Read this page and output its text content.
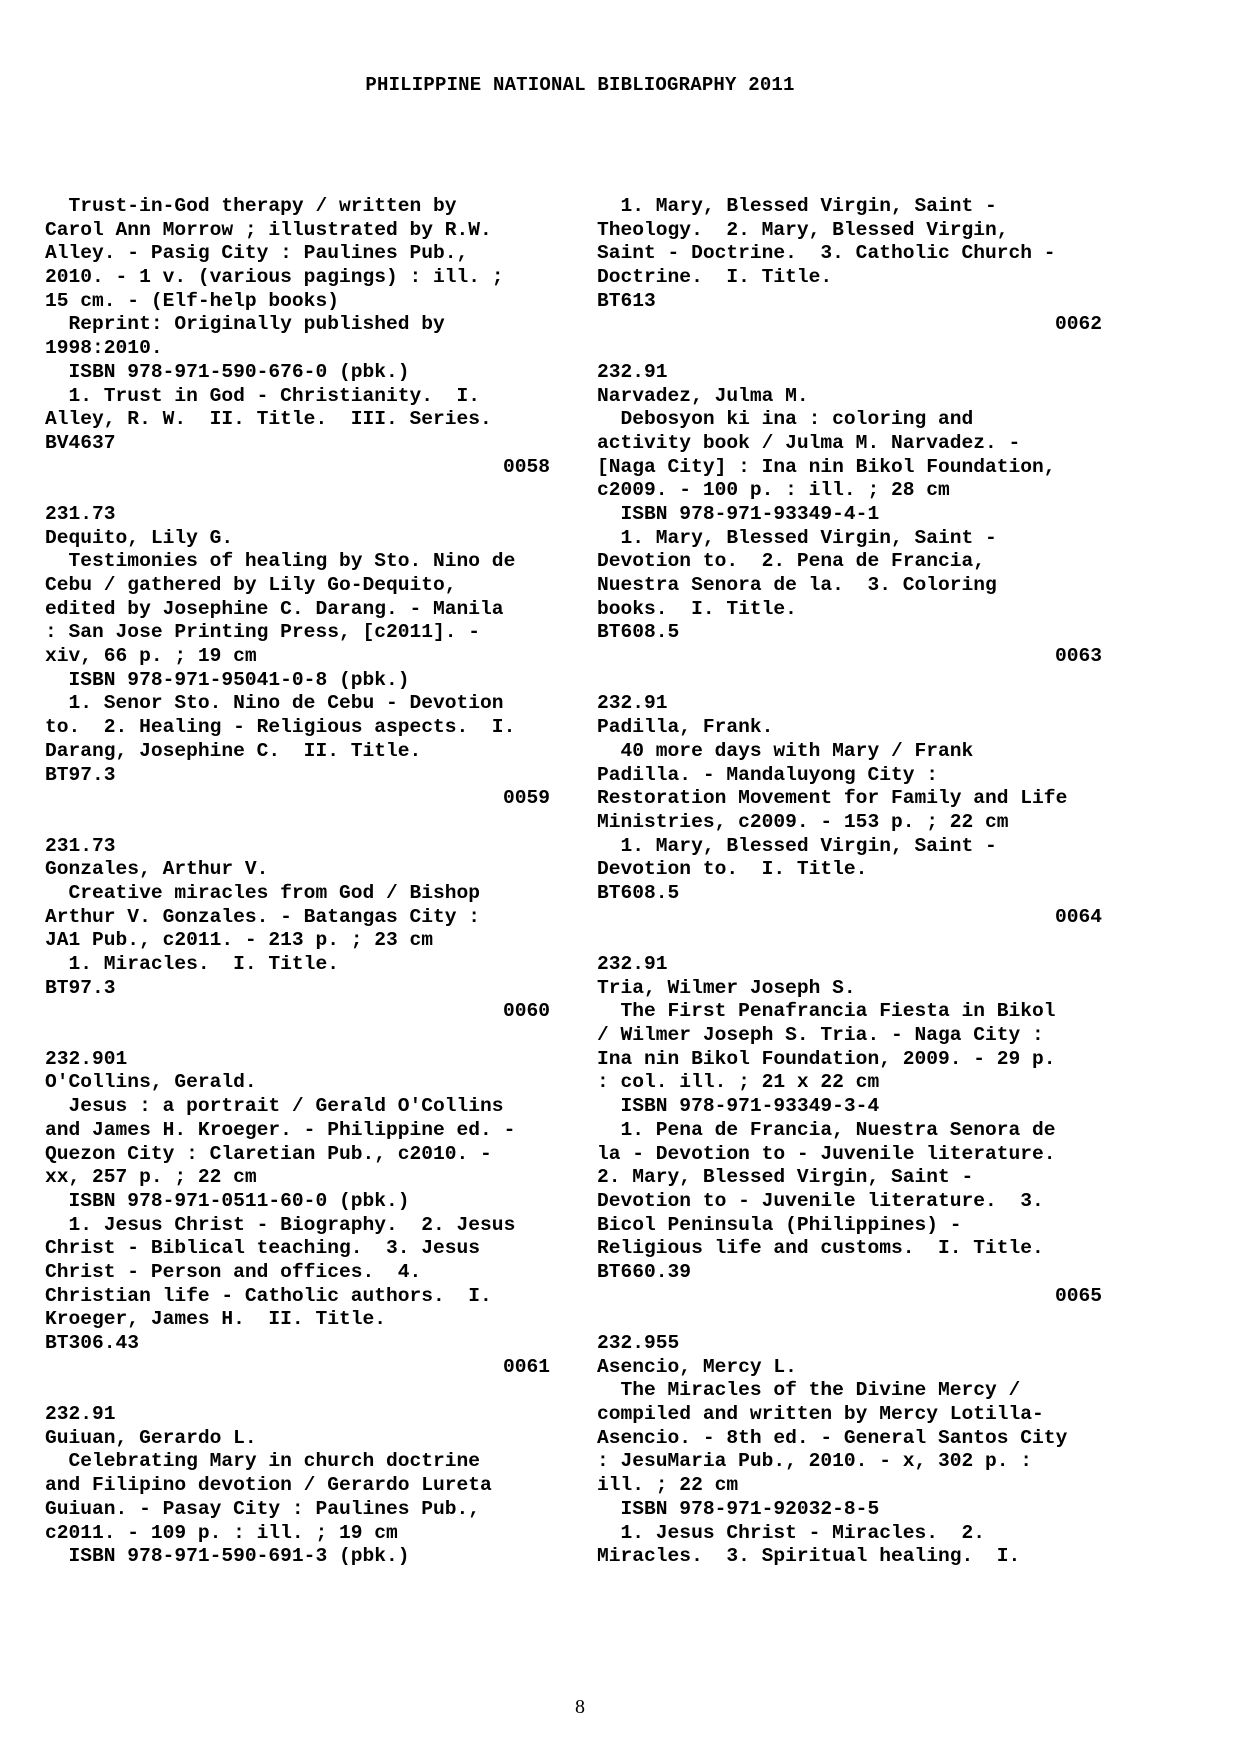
PHILIPPINE NATIONAL BIBLIOGRAPHY 2011
Trust-in-God therapy / written by
Carol Ann Morrow ; illustrated by R.W.
Alley. - Pasig City : Paulines Pub.,
2010. - 1 v. (various pagings) : ill. ;
15 cm. - (Elf-help books)
Reprint: Originally published by
1998:2010.
ISBN 978-971-590-676-0 (pbk.)
1. Trust in God - Christianity.  I.
Alley, R. W.  II. Title.  III. Series.
BV4637
0058
231.73
Dequito, Lily G.
Testimonies of healing by Sto. Nino de
Cebu / gathered by Lily Go-Dequito,
edited by Josephine C. Darang. - Manila
: San Jose Printing Press, [c2011]. -
xiv, 66 p. ; 19 cm
ISBN 978-971-95041-0-8 (pbk.)
1. Senor Sto. Nino de Cebu - Devotion
to.  2. Healing - Religious aspects.  I.
Darang, Josephine C.  II. Title.
BT97.3
0059
231.73
Gonzales, Arthur V.
Creative miracles from God / Bishop
Arthur V. Gonzales. - Batangas City :
JA1 Pub., c2011. - 213 p. ; 23 cm
1. Miracles.  I. Title.
BT97.3
0060
232.901
O'Collins, Gerald.
Jesus : a portrait / Gerald O'Collins
and James H. Kroeger. - Philippine ed. -
Quezon City : Claretian Pub., c2010. -
xx, 257 p. ; 22 cm
ISBN 978-971-0511-60-0 (pbk.)
1. Jesus Christ - Biography.  2. Jesus
Christ - Biblical teaching.  3. Jesus
Christ - Person and offices.  4.
Christian life - Catholic authors.  I.
Kroeger, James H.  II. Title.
BT306.43
0061
232.91
Guiuan, Gerardo L.
Celebrating Mary in church doctrine
and Filipino devotion / Gerardo Lureta
Guiuan. - Pasay City : Paulines Pub.,
c2011. - 109 p. : ill. ; 19 cm
ISBN 978-971-590-691-3 (pbk.)
1. Mary, Blessed Virgin, Saint -
Theology.  2. Mary, Blessed Virgin,
Saint - Doctrine.  3. Catholic Church -
Doctrine.  I. Title.
BT613
0062
232.91
Narvadez, Julma M.
Debosyon ki ina : coloring and
activity book / Julma M. Narvadez. -
[Naga City] : Ina nin Bikol Foundation,
c2009. - 100 p. : ill. ; 28 cm
ISBN 978-971-93349-4-1
1. Mary, Blessed Virgin, Saint -
Devotion to.  2. Pena de Francia,
Nuestra Senora de la.  3. Coloring
books.  I. Title.
BT608.5
0063
232.91
Padilla, Frank.
40 more days with Mary / Frank
Padilla. - Mandaluyong City :
Restoration Movement for Family and Life
Ministries, c2009. - 153 p. ; 22 cm
1. Mary, Blessed Virgin, Saint -
Devotion to.  I. Title.
BT608.5
0064
232.91
Tria, Wilmer Joseph S.
The First Penafrancia Fiesta in Bikol
/ Wilmer Joseph S. Tria. - Naga City :
Ina nin Bikol Foundation, 2009. - 29 p.
: col. ill. ; 21 x 22 cm
ISBN 978-971-93349-3-4
1. Pena de Francia, Nuestra Senora de
la - Devotion to - Juvenile literature.
2. Mary, Blessed Virgin, Saint -
Devotion to - Juvenile literature.  3.
Bicol Peninsula (Philippines) -
Religious life and customs.  I. Title.
BT660.39
0065
232.955
Asencio, Mercy L.
The Miracles of the Divine Mercy /
compiled and written by Mercy Lotilla-
Asencio. - 8th ed. - General Santos City
: JesuMaria Pub., 2010. - x, 302 p. :
ill. ; 22 cm
ISBN 978-971-92032-8-5
1. Jesus Christ - Miracles.  2.
Miracles.  3. Spiritual healing.  I.
8
